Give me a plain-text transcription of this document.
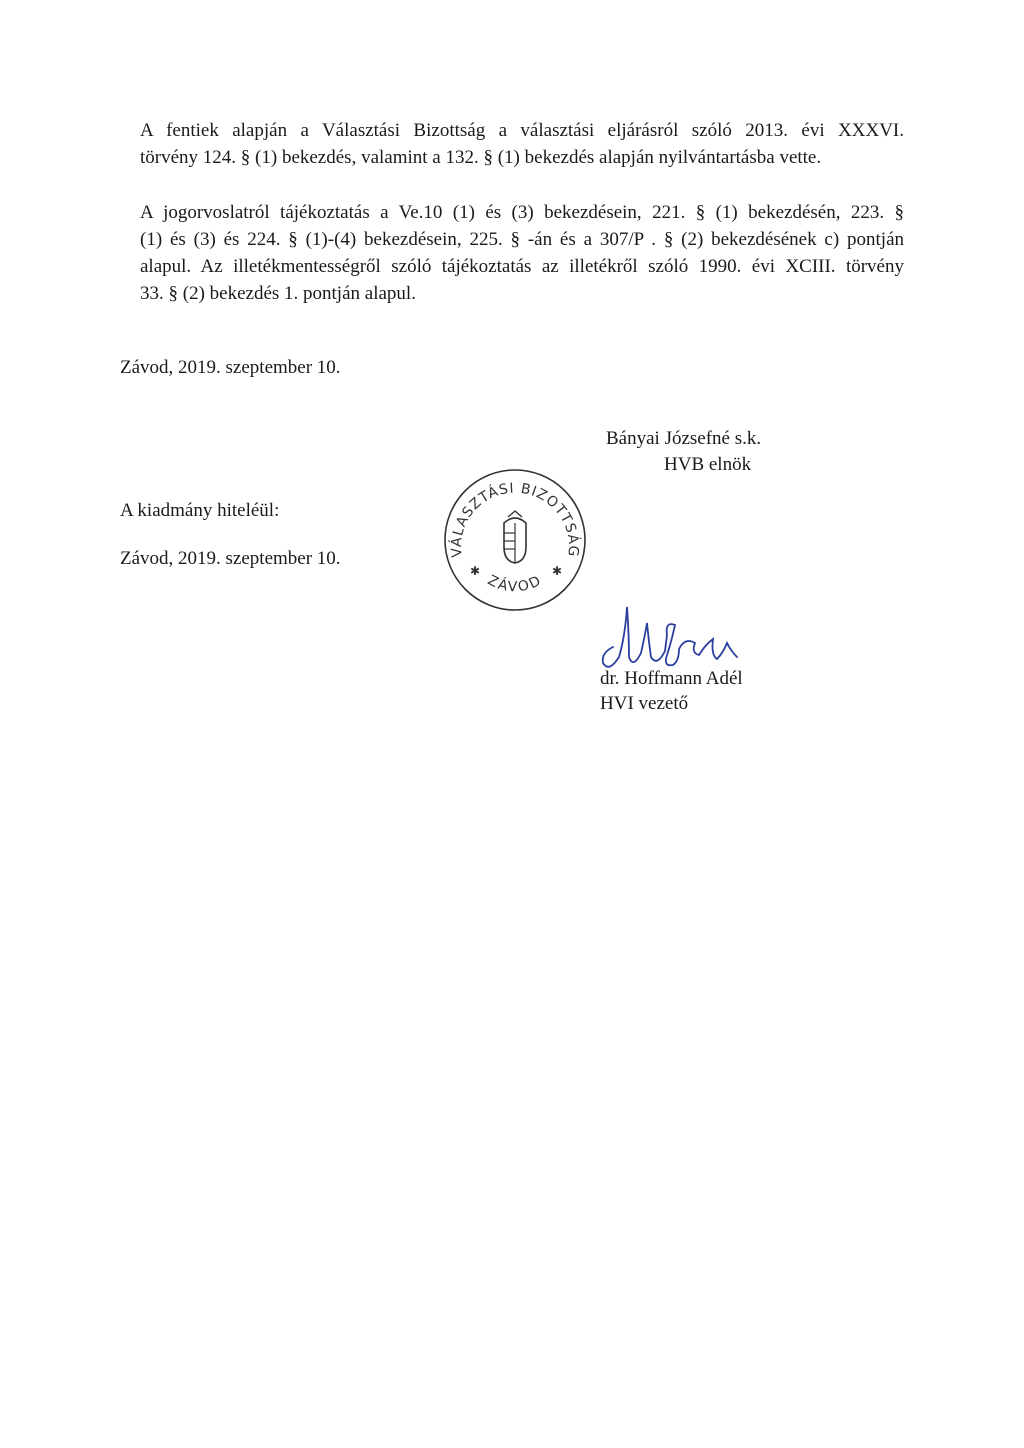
A fentiek alapján a Választási Bizottság a választási eljárásról szóló 2013. évi XXXVI.
törvény 124. § (1) bekezdés, valamint a 132. § (1) bekezdés alapján nyilvántartásba vette.
A jogorvoslatról tájékoztatás a Ve.10 (1) és (3) bekezdésein, 221. § (1) bekezdésén, 223. §
(1) és (3) és 224. § (1)-(4) bekezdésein, 225. § -án és a 307/P . § (2) bekezdésének c) pontján
alapul. Az illetékmentességről szóló tájékoztatás az illetékről szóló 1990. évi XCIII. törvény
33. § (2) bekezdés 1. pontján alapul.
Závod, 2019. szeptember 10.
Bányai Józsefné s.k.
HVB elnök
A kiadmány hiteléül:
Závod, 2019. szeptember 10.	VÁLASZTÁSI BIZOTTSÁG
ZÁVOD
✱	✱
dr. Hoffmann Adél
HVI vezető
